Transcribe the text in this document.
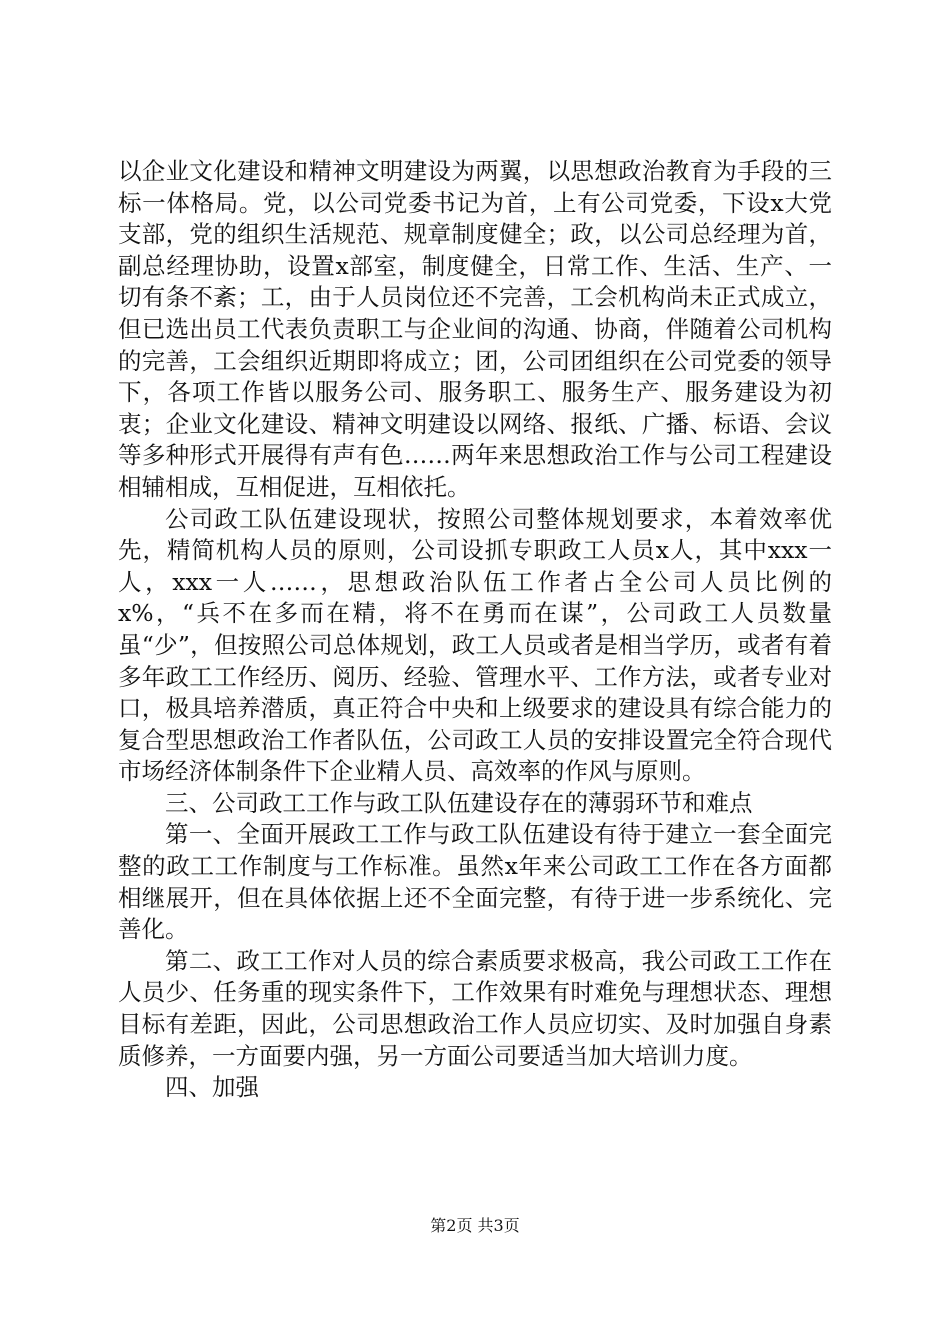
以企业文化建设和精神文明建设为两翼，以思想政治教育为手段的三标一体格局。党，以公司党委书记为首，上有公司党委，下设x大党支部，党的组织生活规范、规章制度健全；政，以公司总经理为首，副总经理协助，设置x部室，制度健全，日常工作、生活、生产、一切有条不紊；工，由于人员岗位还不完善，工会机构尚未正式成立，但已选出员工代表负责职工与企业间的沟通、协商，伴随着公司机构的完善，工会组织近期即将成立；团，公司团组织在公司党委的领导下，各项工作皆以服务公司、服务职工、服务生产、服务建设为初衷；企业文化建设、精神文明建设以网络、报纸、广播、标语、会议等多种形式开展得有声有色……两年来思想政治工作与公司工程建设相辅相成，互相促进，互相依托。

公司政工队伍建设现状，按照公司整体规划要求，本着效率优先，精简机构人员的原则，公司设抓专职政工人员x人，其中xxx一人，xxx一人……，思想政治队伍工作者占全公司人员比例的x%，“兵不在多而在精，将不在勇而在谋”，公司政工人员数量虽“少”，但按照公司总体规划，政工人员或者是相当学历，或者有着多年政工工作经历、阅历、经验、管理水平、工作方法，或者专业对口，极具培养潜质，真正符合中央和上级要求的建设具有综合能力的复合型思想政治工作者队伍，公司政工人员的安排设置完全符合现代市场经济体制条件下企业精人员、高效率的作风与原则。

三、公司政工工作与政工队伍建设存在的薄弱环节和难点

第一、全面开展政工工作与政工队伍建设有待于建立一套全面完整的政工工作制度与工作标准。虽然x年来公司政工工作在各方面都相继展开，但在具体依据上还不全面完整，有待于进一步系统化、完善化。

第二、政工工作对人员的综合素质要求极高，我公司政工工作在人员少、任务重的现实条件下，工作效果有时难免与理想状态、理想目标有差距，因此，公司思想政治工作人员应切实、及时加强自身素质修养，一方面要内强，另一方面公司要适当加大培训力度。

四、加强

第2页 共3页
